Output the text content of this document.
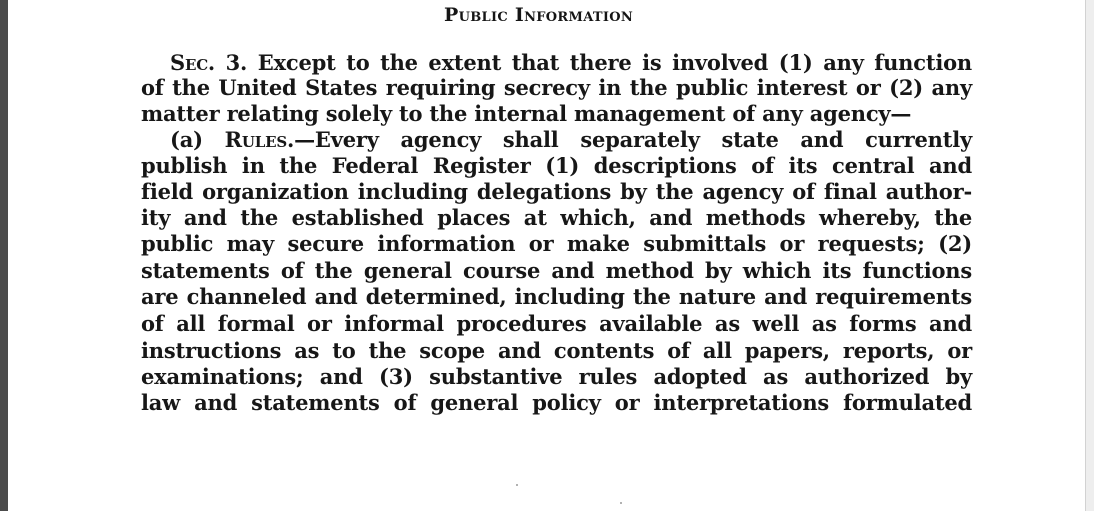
Public Information
Sec. 3. Except to the extent that there is involved (1) any function
of the United States requiring secrecy in the public interest or (2) any
matter relating solely to the internal management of any agency—
(a) Rules.—Every agency shall separately state and currently
publish in the Federal Register (1) descriptions of its central and
field organization including delegations by the agency of final author-
ity and the established places at which, and methods whereby, the
public may secure information or make submittals or requests; (2)
statements of the general course and method by which its functions
are channeled and determined, including the nature and requirements
of all formal or informal procedures available as well as forms and
instructions as to the scope and contents of all papers, reports, or
examinations; and (3) substantive rules adopted as authorized by
law and statements of general policy or interpretations formulated
